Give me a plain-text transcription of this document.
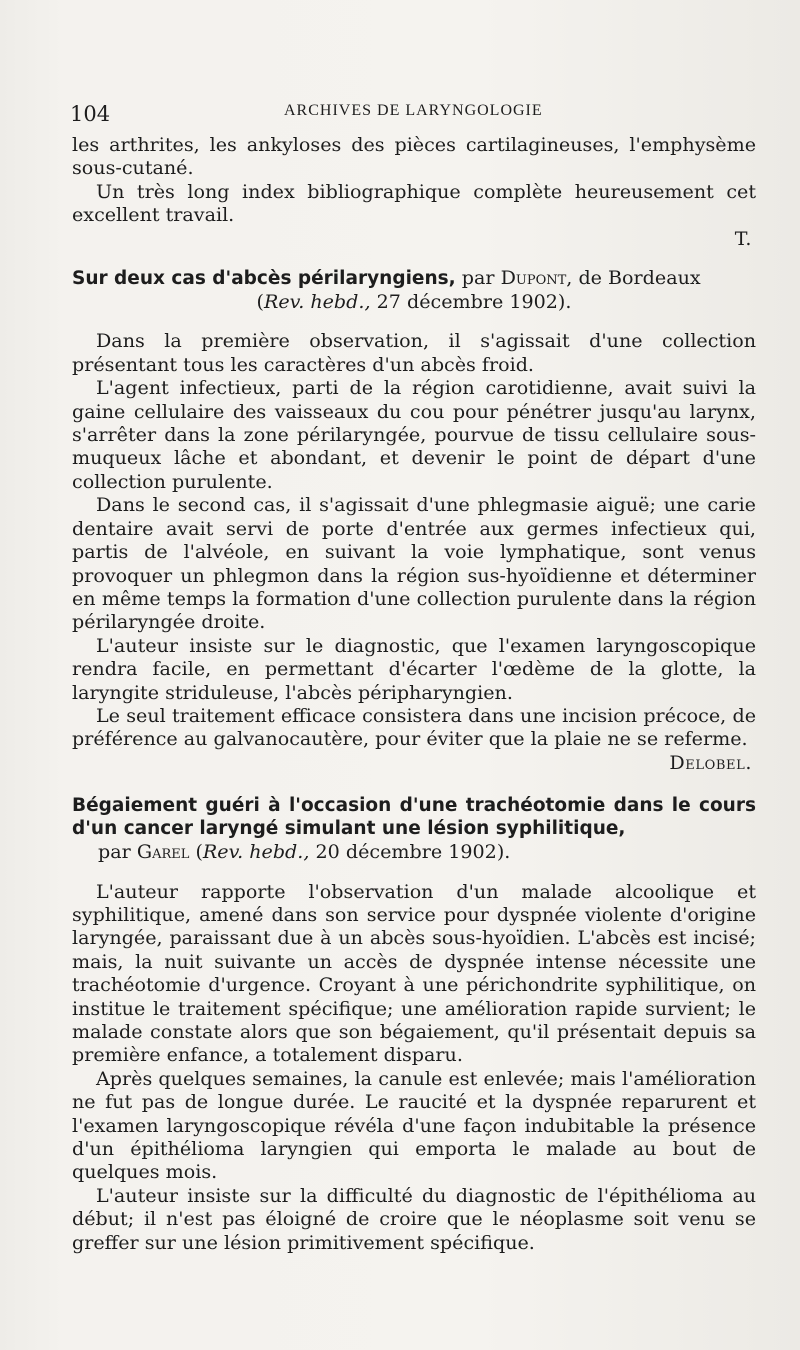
104	ARCHIVES DE LARYNGOLOGIE

les arthrites, les ankyloses des pièces cartilagineuses, l'emphysème sous-cutané.

Un très long index bibliographique complète heureusement cet excellent travail.

T.

Sur deux cas d'abcès périlaryngiens, par Dupont, de Bordeaux

(Rev. hebd., 27 décembre 1902).

Dans la première observation, il s'agissait d'une collection présentant tous les caractères d'un abcès froid.

L'agent infectieux, parti de la région carotidienne, avait suivi la gaine cellulaire des vaisseaux du cou pour pénétrer jusqu'au larynx, s'arrêter dans la zone périlaryngée, pourvue de tissu cellulaire sous-muqueux lâche et abondant, et devenir le point de départ d'une collection purulente.

Dans le second cas, il s'agissait d'une phlegmasie aiguë; une carie dentaire avait servi de porte d'entrée aux germes infectieux qui, partis de l'alvéole, en suivant la voie lymphatique, sont venus provoquer un phlegmon dans la région sus-hyoïdienne et déterminer en même temps la formation d'une collection purulente dans la région périlaryngée droite.

L'auteur insiste sur le diagnostic, que l'examen laryngoscopique rendra facile, en permettant d'écarter l'œdème de la glotte, la laryngite striduleuse, l'abcès péripharyngien.

Le seul traitement efficace consistera dans une incision précoce, de préférence au galvanocautère, pour éviter que la plaie ne se referme.

Delobel.

Bégaiement guéri à l'occasion d'une trachéotomie dans le cours d'un cancer laryngé simulant une lésion syphilitique,

par Garel (Rev. hebd., 20 décembre 1902).

L'auteur rapporte l'observation d'un malade alcoolique et syphilitique, amené dans son service pour dyspnée violente d'origine laryngée, paraissant due à un abcès sous-hyoïdien. L'abcès est incisé; mais, la nuit suivante un accès de dyspnée intense nécessite une trachéotomie d'urgence. Croyant à une périchondrite syphilitique, on institue le traitement spécifique; une amélioration rapide survient; le malade constate alors que son bégaiement, qu'il présentait depuis sa première enfance, a totalement disparu.

Après quelques semaines, la canule est enlevée; mais l'amélioration ne fut pas de longue durée. Le raucité et la dyspnée reparurent et l'examen laryngoscopique révéla d'une façon indubitable la présence d'un épithélioma laryngien qui emporta le malade au bout de quelques mois.

L'auteur insiste sur la difficulté du diagnostic de l'épithélioma au début; il n'est pas éloigné de croire que le néoplasme soit venu se greffer sur une lésion primitivement spécifique.
